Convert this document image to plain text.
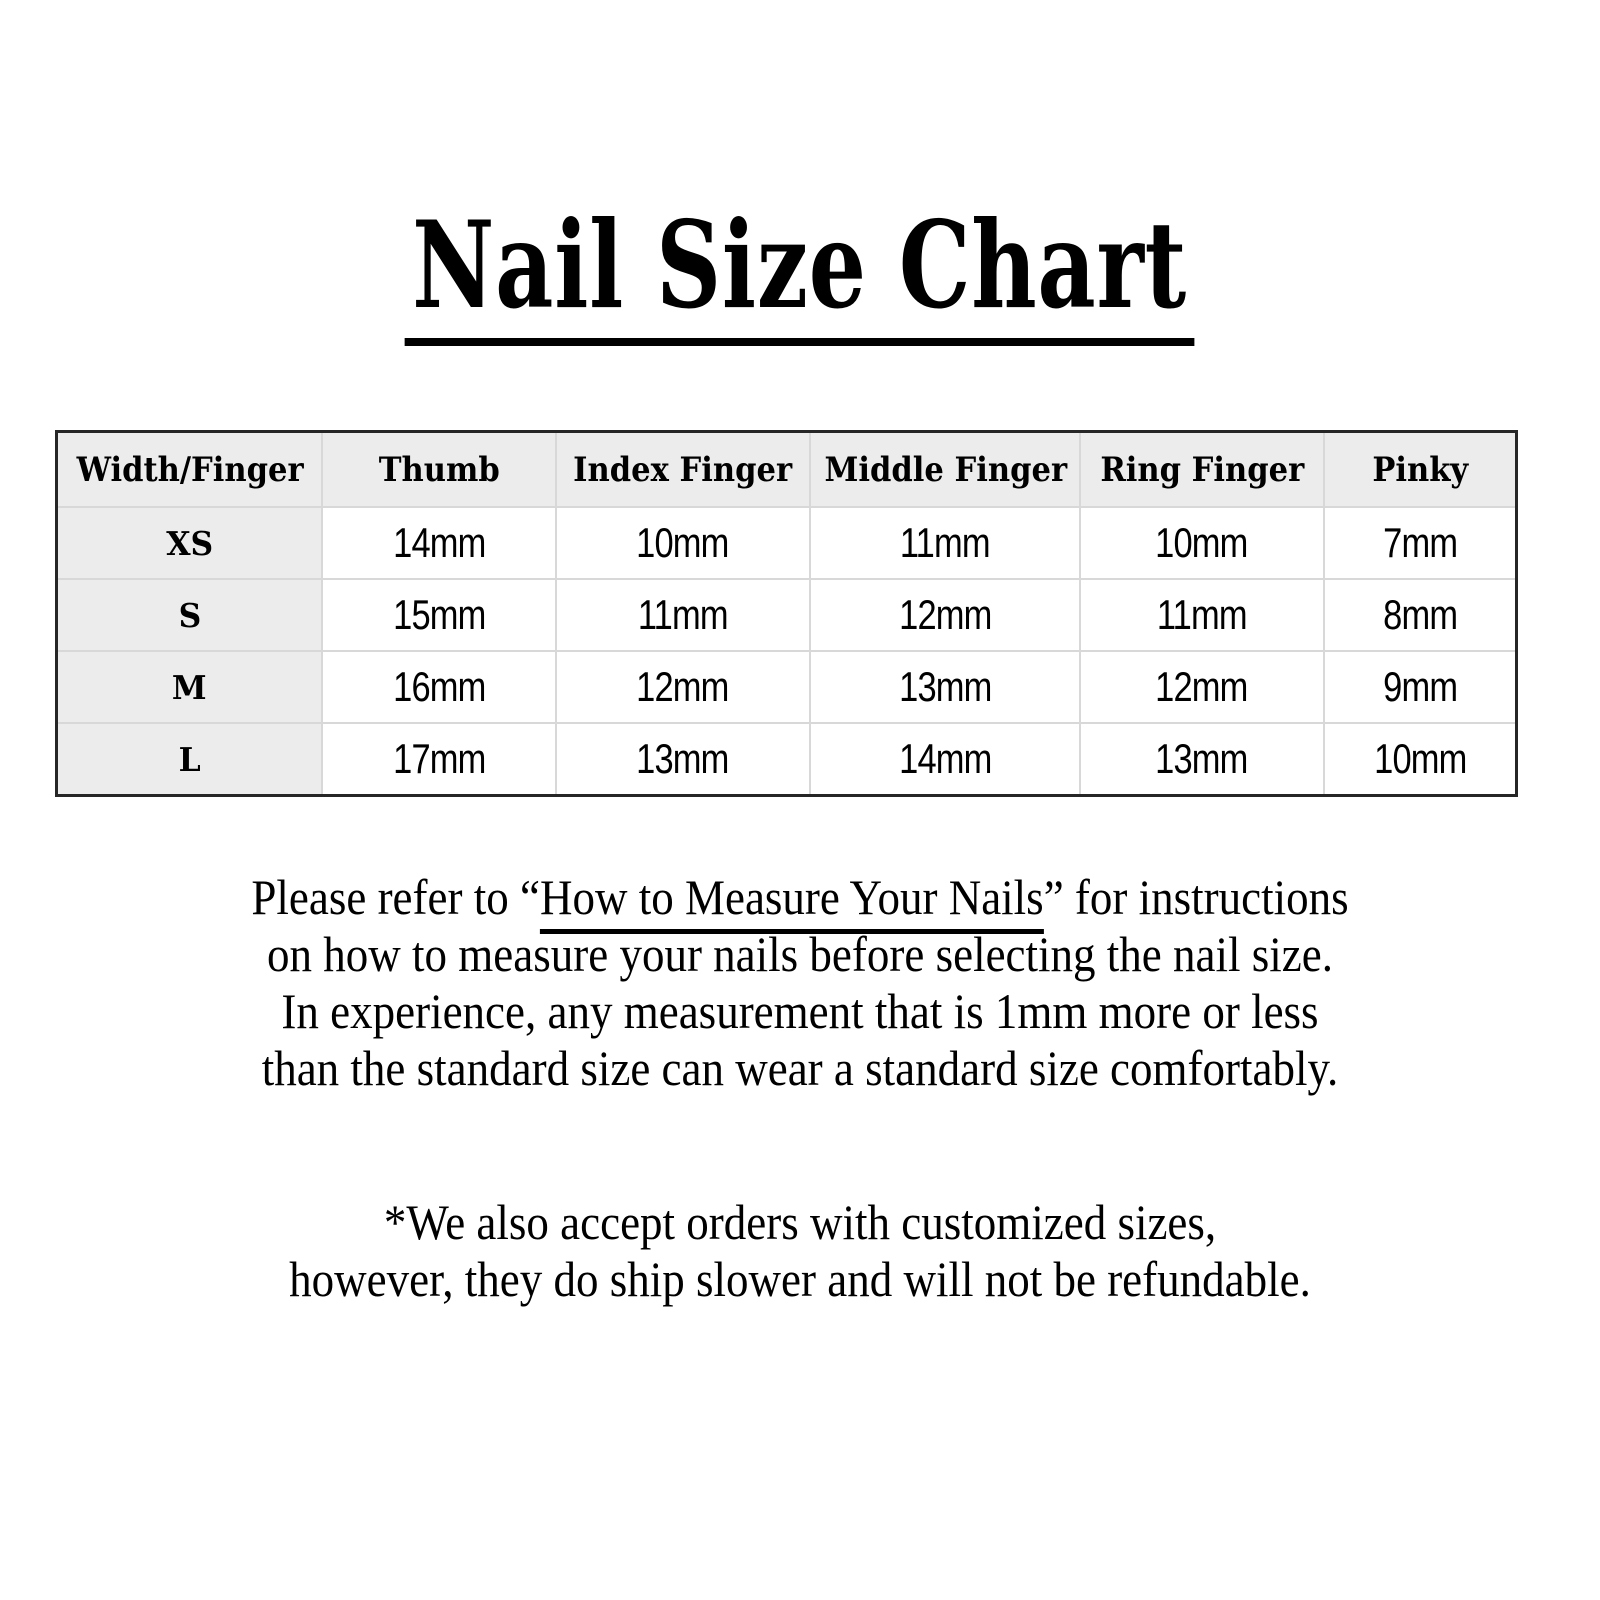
Nail Size Chart
Width/Finger	Thumb	Index Finger	Middle Finger	Ring Finger	Pinky
XS	14mm	10mm	11mm	10mm	7mm
S	15mm	11mm	12mm	11mm	8mm
M	16mm	12mm	13mm	12mm	9mm
L	17mm	13mm	14mm	13mm	10mm
Please refer to “How to Measure Your Nails” for instructions
on how to measure your nails before selecting the nail size.
In experience, any measurement that is 1mm more or less
than the standard size can wear a standard size comfortably.
*We also accept orders with customized sizes,
however, they do ship slower and will not be refundable.
